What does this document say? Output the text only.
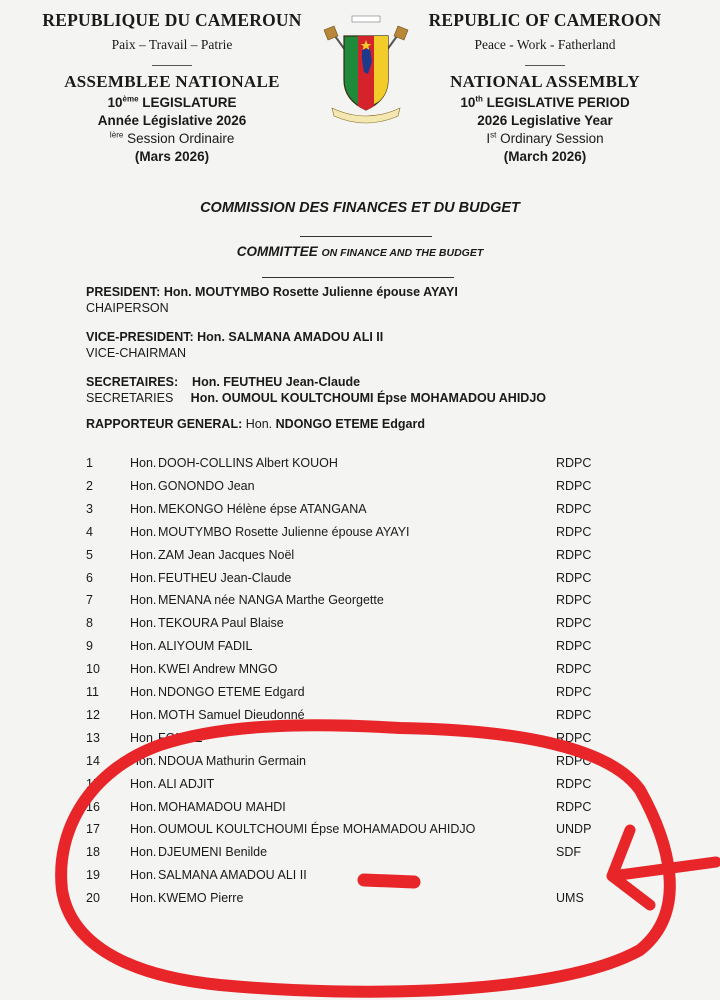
REPUBLIQUE DU CAMEROUN
Paix – Travail – Patrie
ASSEMBLEE NATIONALE
10ème LEGISLATURE
Année Législative 2026
$^{Ière}$ Session Ordinaire
(Mars 2026)
REPUBLIC OF CAMEROON
Peace - Work - Fatherland
NATIONAL ASSEMBLY
10th LEGISLATIVE PERIOD
2026 Legislative Year
Ist Ordinary Session
(March 2026)
COMMISSION DES FINANCES ET DU BUDGET
COMMITTEE ON FINANCE AND THE BUDGET
PRESIDENT: Hon. MOUTYMBO Rosette Julienne épouse AYAYI
CHAIPERSON
VICE-PRESIDENT: Hon. SALMANA AMADOU ALI II
VICE-CHAIRMAN
SECRETAIRES: Hon. FEUTHEU Jean-Claude
SECRETARIES Hon. OUMOUL KOULTCHOUMI Épse MOHAMADOU AHIDJO
RAPPORTEUR GENERAL: Hon. NDONGO ETEME Edgard
1	Hon. DOOH-COLLINS Albert KOUOH	RDPC
2	Hon. GONONDO Jean	RDPC
3	Hon. MEKONGO Hélène épse ATANGANA	RDPC
4	Hon. MOUTYMBO Rosette Julienne épouse AYAYI	RDPC
5	Hon. ZAM Jean Jacques Noël	RDPC
6	Hon. FEUTHEU Jean-Claude	RDPC
7	Hon. MENANA née NANGA Marthe Georgette	RDPC
8	Hon. TEKOURA Paul Blaise	RDPC
9	Hon. ALIYOUM FADIL	RDPC
10 Hon. KWEI Andrew MNGO	RDPC
11 Hon. NDONGO ETEME Edgard	RDPC
12 Hon. MOTH Samuel Dieudonné	RDPC
13 Hon. FONGE	RDPC
14 Hon. NDOUA Mathurin Germain	RDPC
15 Hon. ALI ADJIT	RDPC
16 Hon. MOHAMADOU MAHDI	RDPC
17 Hon. OUMOUL KOULTCHOUMI Épse MOHAMADOU AHIDJO	UNDP
18 Hon. DJEUMENI Benilde	SDF
19 Hon. SALMANA AMADOU ALI II
20 Hon. KWEMO Pierre	UMS
